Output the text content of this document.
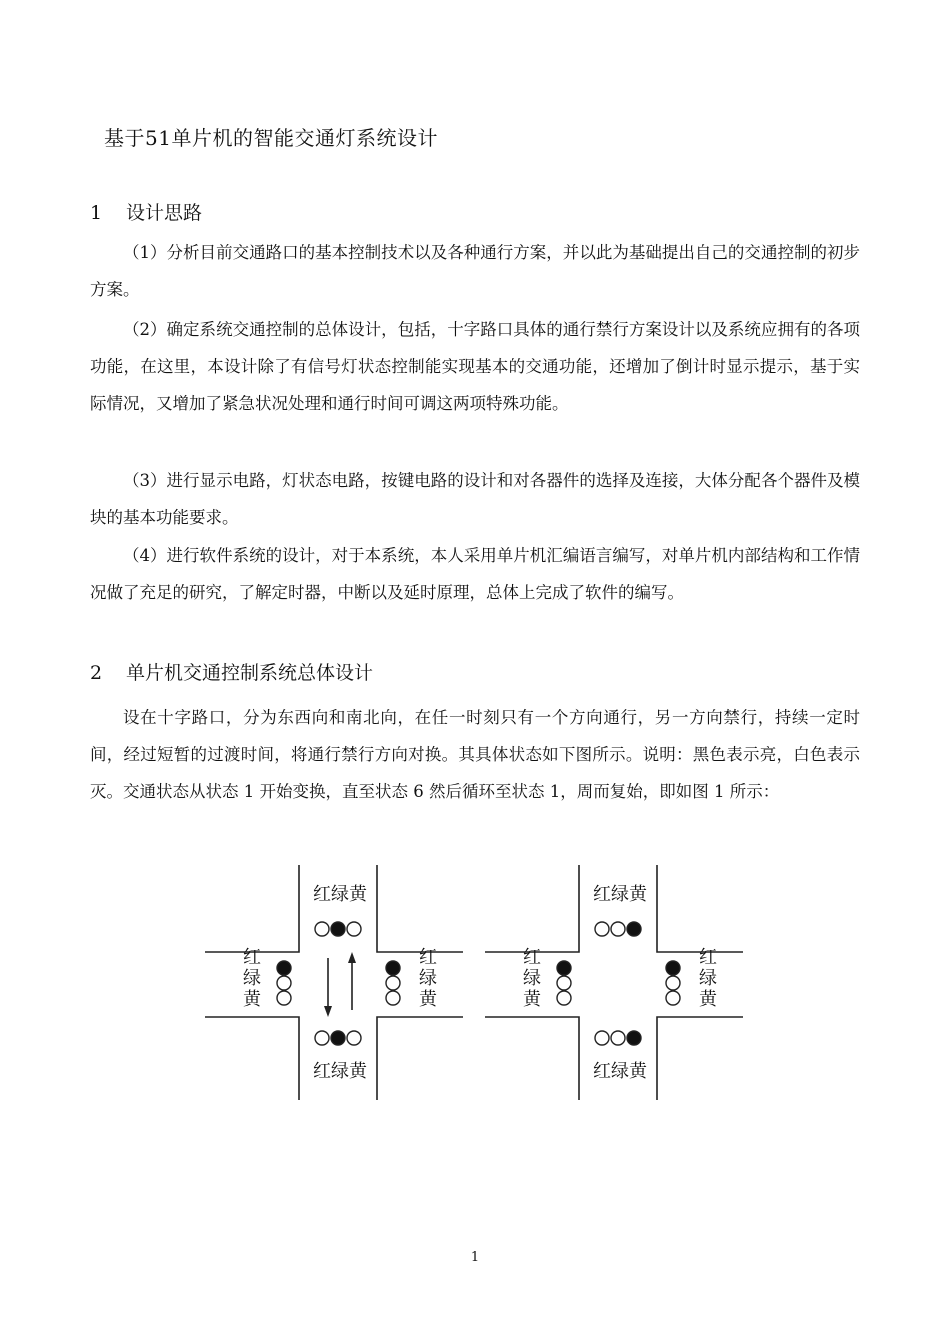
基于51单片机的智能交通灯系统设计
1 设计思路

（1）分析目前交通路口的基本控制技术以及各种通行方案，并以此为基础提出自己的交通控制的初步方案。

（2）确定系统交通控制的总体设计，包括，十字路口具体的通行禁行方案设计以及系统应拥有的各项功能，在这里，本设计除了有信号灯状态控制能实现基本的交通功能，还增加了倒计时显示提示，基于实际情况，又增加了紧急状况处理和通行时间可调这两项特殊功能。

（3）进行显示电路，灯状态电路，按键电路的设计和对各器件的选择及连接，大体分配各个器件及模块的基本功能要求。

（4）进行软件系统的设计，对于本系统，本人采用单片机汇编语言编写，对单片机内部结构和工作情况做了充足的研究，了解定时器，中断以及延时原理，总体上完成了软件的编写。

2 单片机交通控制系统总体设计

设在十字路口，分为东西向和南北向，在任一时刻只有一个方向通行，另一方向禁行，持续一定时间，经过短暂的过渡时间，将通行禁行方向对换。其具体状态如下图所示。说明：黑色表示亮，白色表示灭。交通状态从状态 1 开始变换，直至状态 6 然后循环至状态 1，周而复始，即如图 1 所示：

红绿黄
红绿黄
红
绿
黄
红
绿
黄
红绿黄
红绿黄
红
绿
黄
红
绿
黄
1
